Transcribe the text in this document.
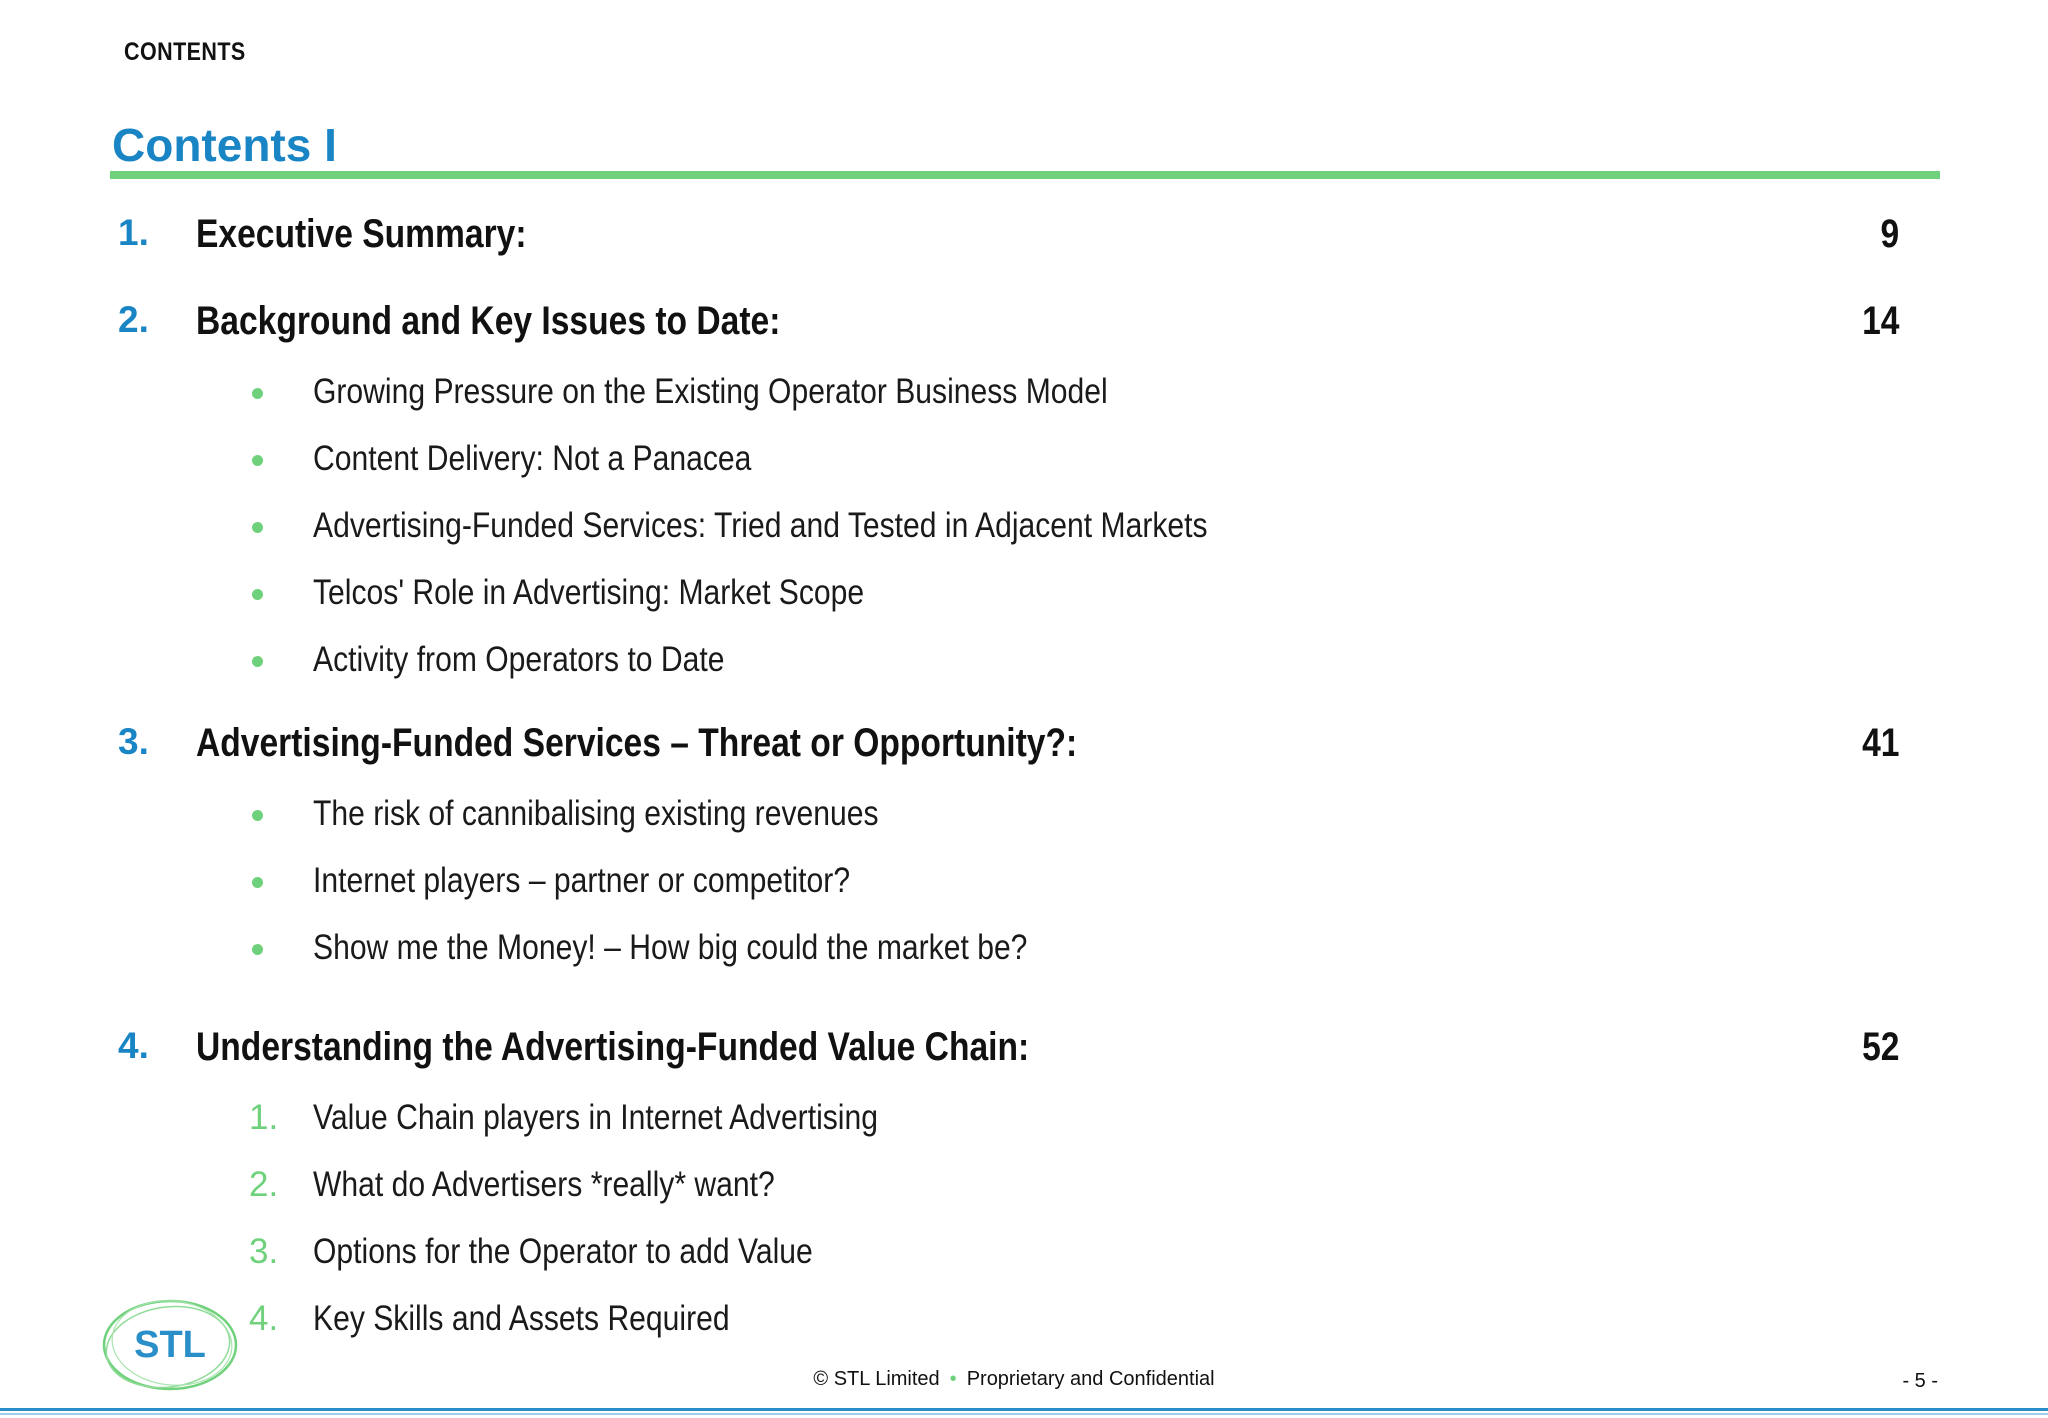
CONTENTS
Contents I
1. Executive Summary:	9
2. Background and Key Issues to Date:	14
Growing Pressure on the Existing Operator Business Model
Content Delivery: Not a Panacea
Advertising-Funded Services: Tried and Tested in Adjacent Markets
Telcos' Role in Advertising: Market Scope
Activity from Operators to Date
3. Advertising-Funded Services – Threat or Opportunity?:	41
The risk of cannibalising existing revenues
Internet players – partner or competitor?
Show me the Money! – How big could the market be?
4. Understanding the Advertising-Funded Value Chain:	52
1. Value Chain players in Internet Advertising
2. What do Advertisers *really* want?
3. Options for the Operator to add Value
4. Key Skills and Assets Required
STL
© STL Limited • Proprietary and Confidential	- 5 -
